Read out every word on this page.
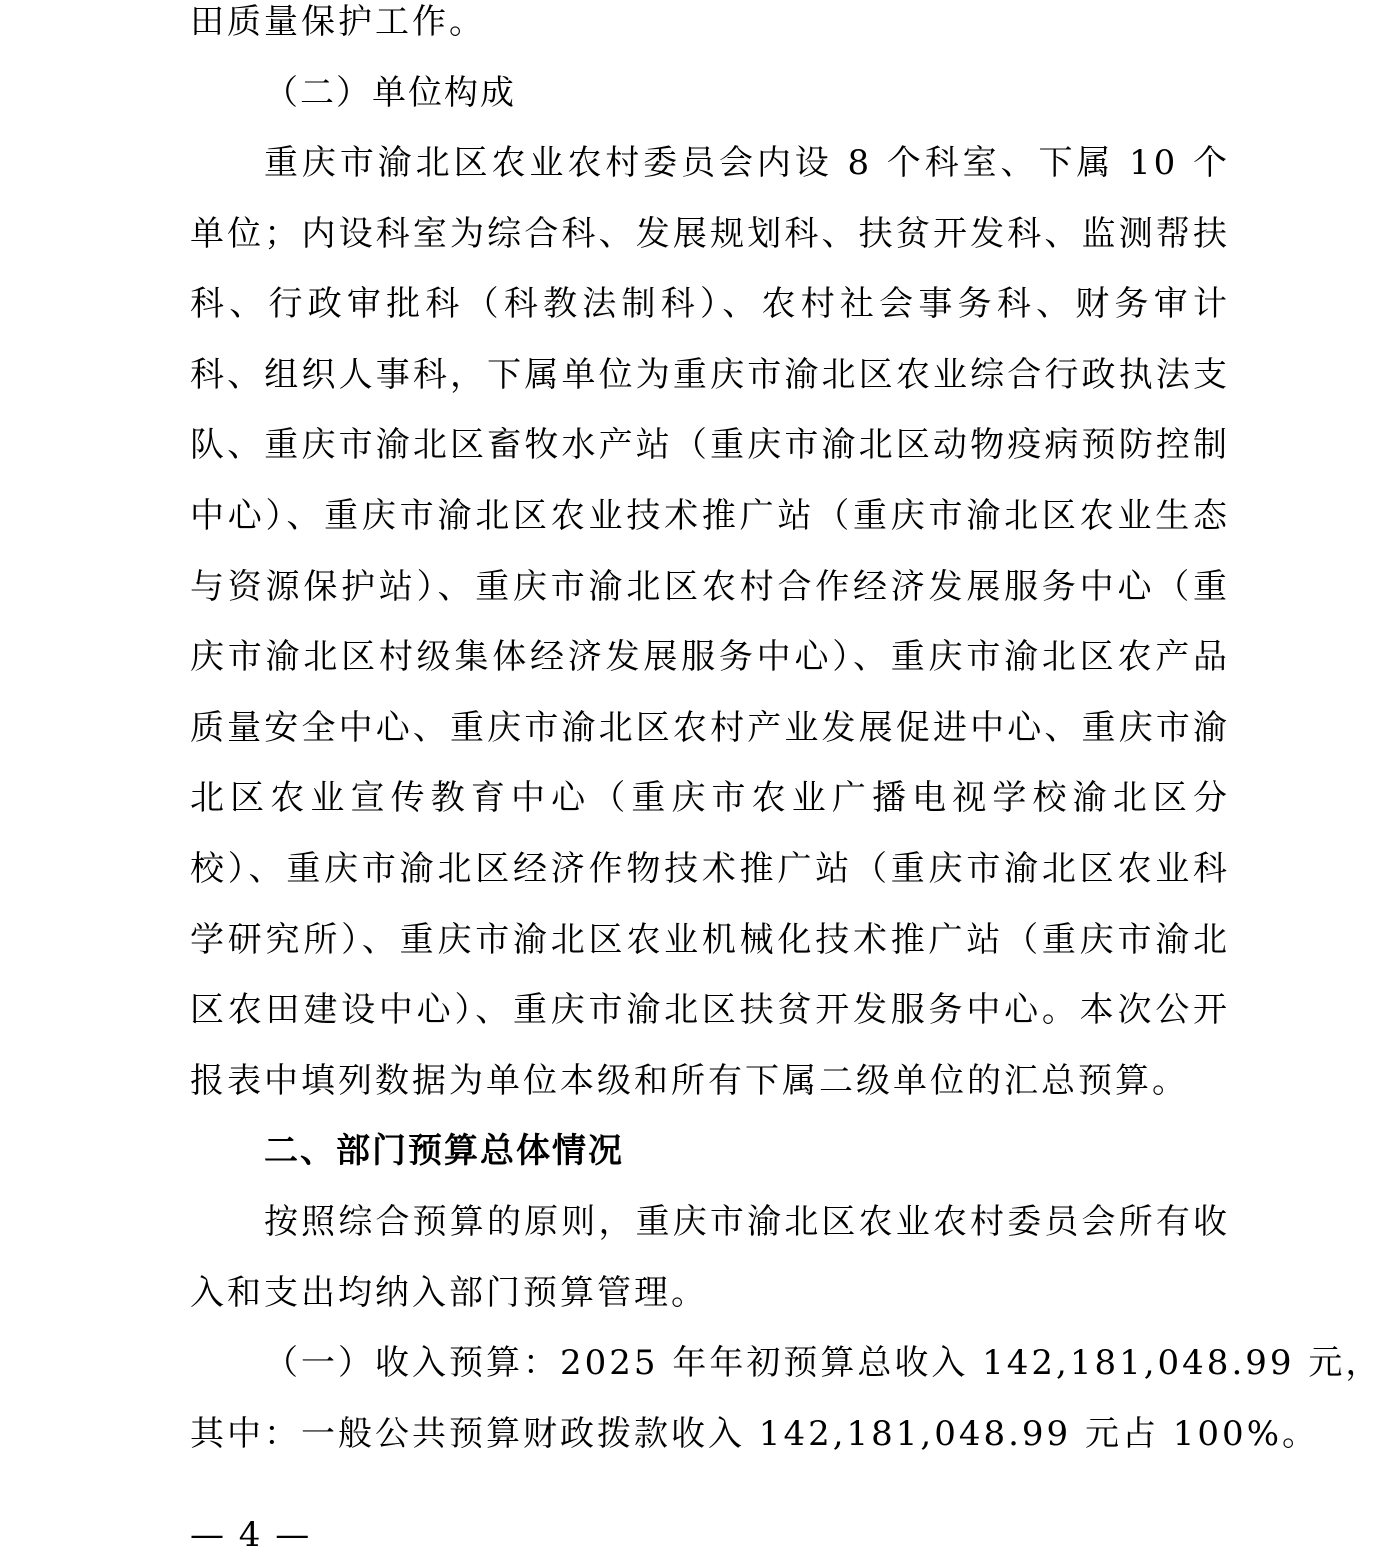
田质量保护工作。

（二）单位构成

重庆市渝北区农业农村委员会内设 8 个科室、下属 10 个单位；内设科室为综合科、发展规划科、扶贫开发科、监测帮扶科、行政审批科（科教法制科）、农村社会事务科、财务审计科、组织人事科，下属单位为重庆市渝北区农业综合行政执法支队、重庆市渝北区畜牧水产站（重庆市渝北区动物疫病预防控制中心）、重庆市渝北区农业技术推广站（重庆市渝北区农业生态与资源保护站）、重庆市渝北区农村合作经济发展服务中心（重庆市渝北区村级集体经济发展服务中心）、重庆市渝北区农产品质量安全中心、重庆市渝北区农村产业发展促进中心、重庆市渝北区农业宣传教育中心（重庆市农业广播电视学校渝北区分校）、重庆市渝北区经济作物技术推广站（重庆市渝北区农业科学研究所）、重庆市渝北区农业机械化技术推广站（重庆市渝北区农田建设中心）、重庆市渝北区扶贫开发服务中心。本次公开报表中填列数据为单位本级和所有下属二级单位的汇总预算。

二、部门预算总体情况

按照综合预算的原则，重庆市渝北区农业农村委员会所有收入和支出均纳入部门预算管理。

（一）收入预算：2025 年年初预算总收入 142,181,048.99 元，

其中：一般公共预算财政拨款收入 142,181,048.99 元占 100%。

— 4 —
